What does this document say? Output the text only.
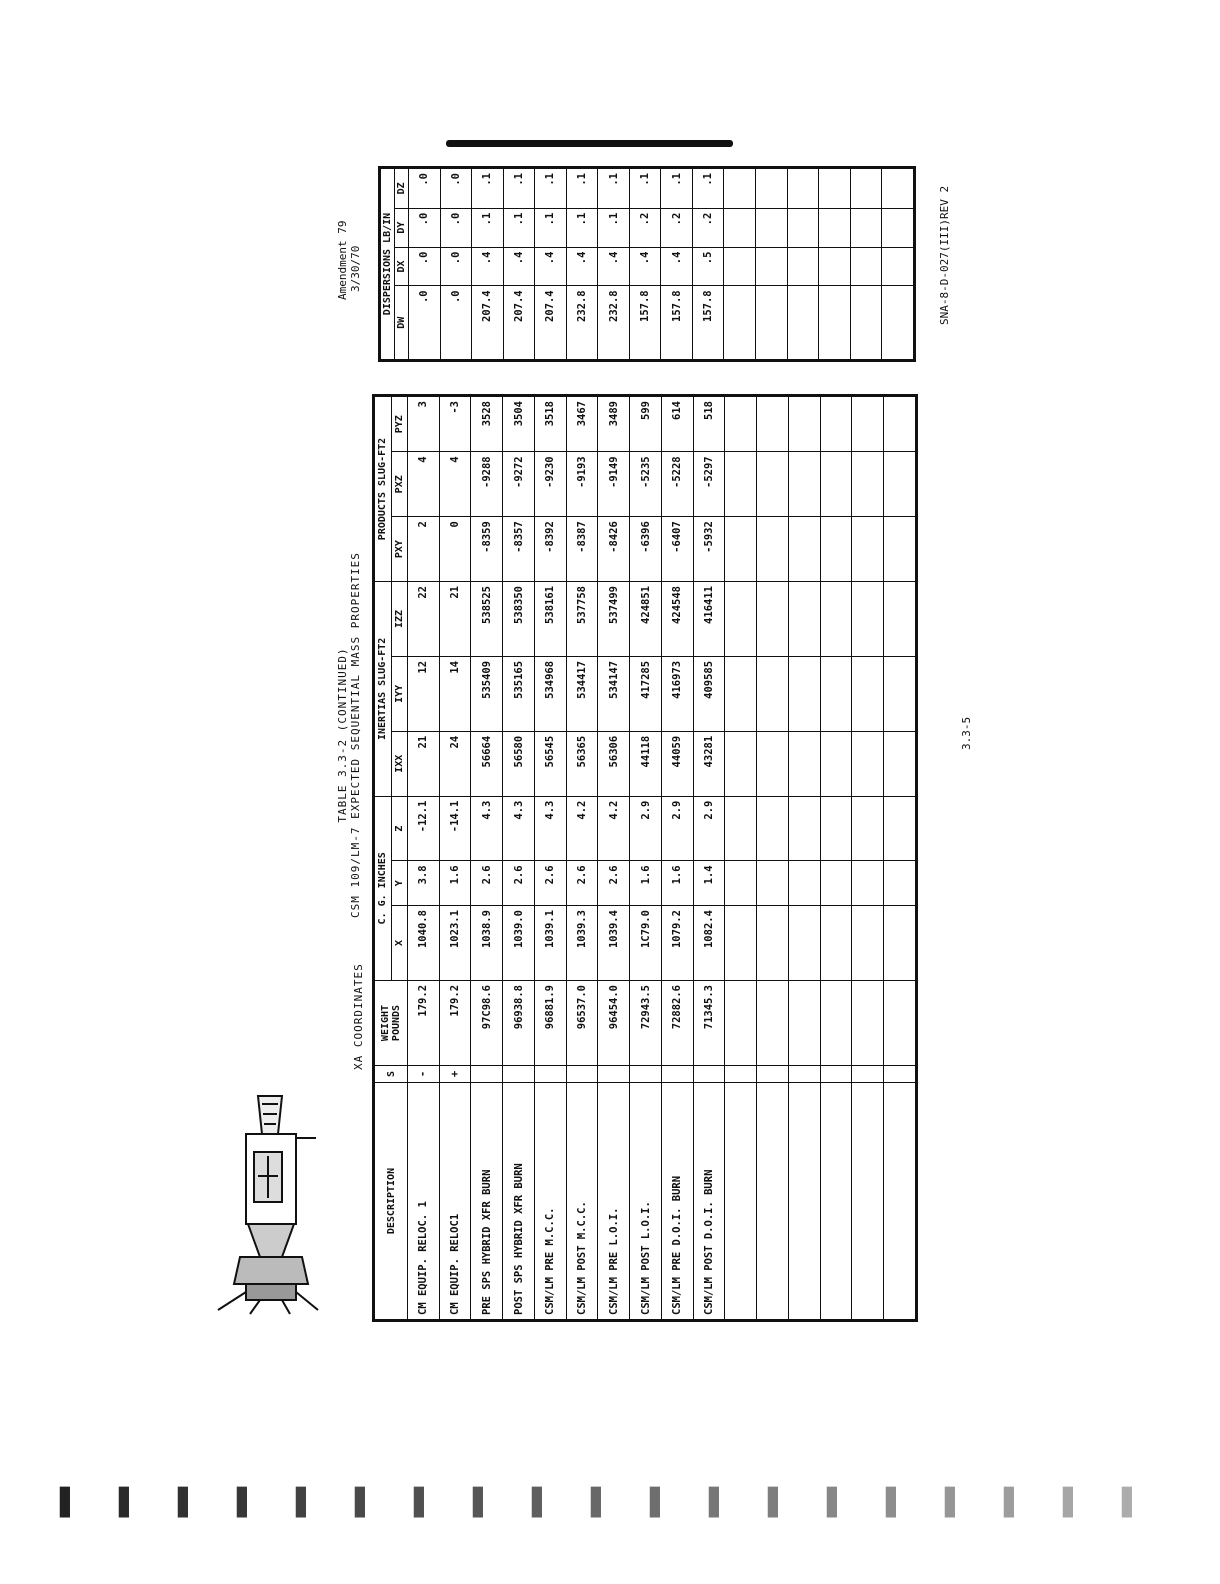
XA COORDINATES
TABLE 3.3-2 (CONTINUED) CSM 109/LM-7 EXPECTED SEQUENTIAL MASS PROPERTIES
Amendment 79 3/30/70
DESCRIPTION	S	WEIGHT POUNDS	C. G. INCHES			INERTIAS SLUG-FT2			PRODUCTS SLUG-FT2		
			X	Y	Z	IXX	IYY	IZZ	PXY	PXZ	PYZ
CM EQUIP. RELOC. 1	-	179.2	1040.8	3.8	-12.1	21	12	22	2	4	3
CM EQUIP. RELOC1	+	179.2	1023.1	1.6	-14.1	24	14	21	0	4	-3
PRE SPS HYBRID XFR BURN		97C98.6	1038.9	2.6	4.3	56664	535409	538525	-8359	-9288	3528
POST SPS HYBRID XFR BURN		96938.8	1039.0	2.6	4.3	56580	535165	538350	-8357	-9272	3504
CSM/LM PRE M.C.C.		96881.9	1039.1	2.6	4.3	56545	534968	538161	-8392	-9230	3518
CSM/LM POST M.C.C.		96537.0	1039.3	2.6	4.2	56365	534417	537758	-8387	-9193	3467
CSM/LM PRE L.O.I.		96454.0	1039.4	2.6	4.2	56306	534147	537499	-8426	-9149	3489
CSM/LM POST L.O.I.		72943.5	1C79.0	1.6	2.9	44118	417285	424851	-6396	-5235	599
CSM/LM PRE D.O.I. BURN		72882.6	1079.2	1.6	2.9	44059	416973	424548	-6407	-5228	614
CSM/LM POST D.O.I. BURN		71345.3	1082.4	1.4	2.9	43281	409585	416411	-5932	-5297	518

DISPERSIONS LB/IN			
DW	DX	DY	DZ
.0	.0	.0	.0
.0	.0	.0	.0
207.4	.4	.1	.1
207.4	.4	.1	.1
207.4	.4	.1	.1
232.8	.4	.1	.1
232.8	.4	.1	.1
157.8	.4	.2	.1
157.8	.4	.2	.1
157.8	.5	.2	.1

3.3-5
SNA-8-D-027(III)REV 2
▌ ▌ ▌ ▌ ▌ ▌ ▌ ▌ ▌ ▌ ▌ ▌ ▌ ▌ ▌ ▌ ▌ ▌ ▌
